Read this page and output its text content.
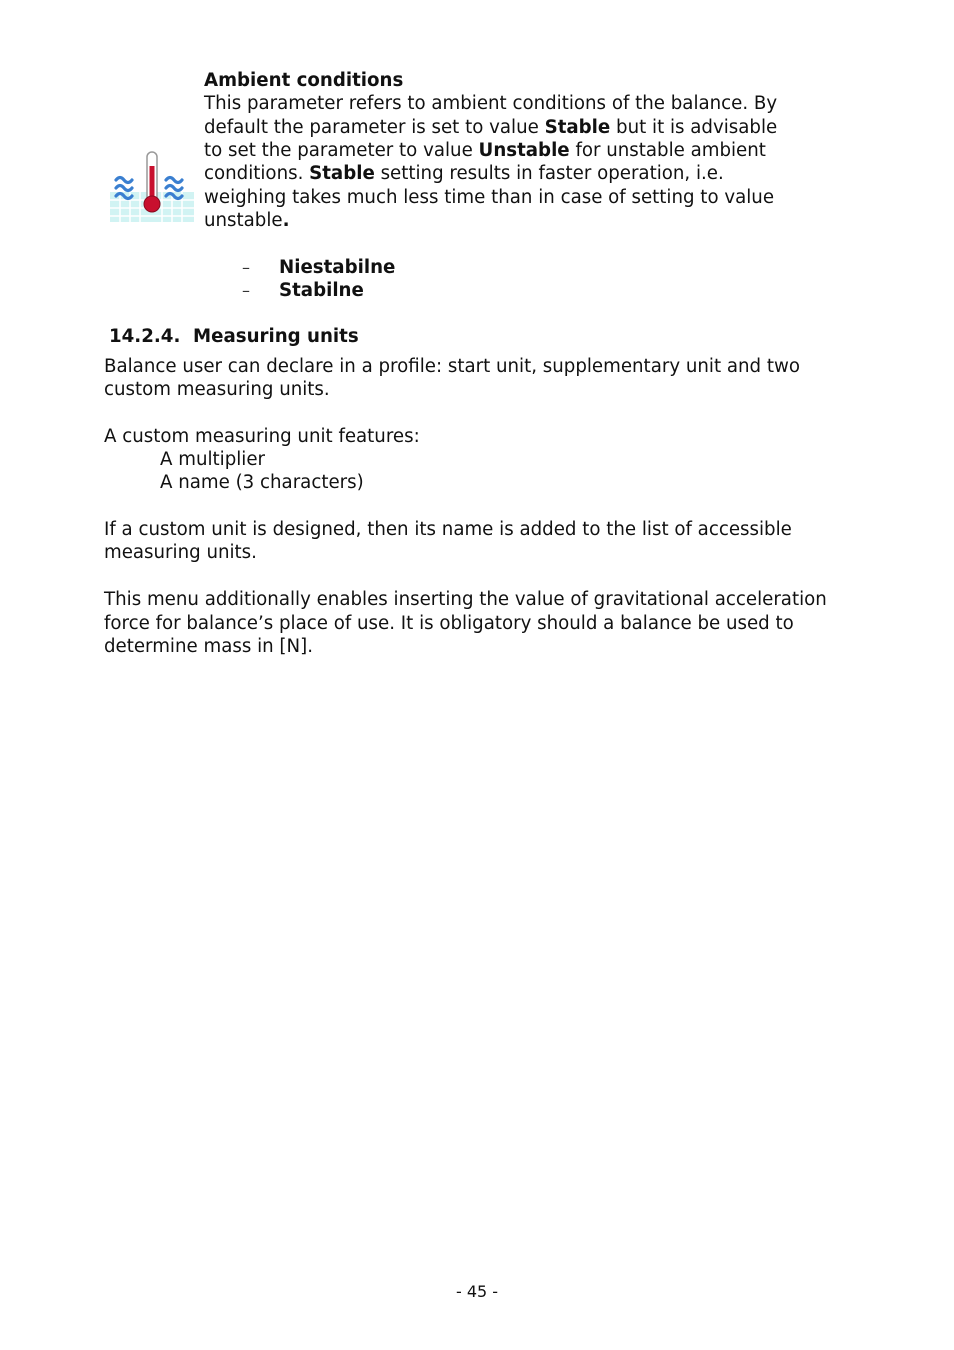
Ambient conditions
This parameter refers to ambient conditions of the balance. By
default the parameter is set to value Stable but it is advisable
to set the parameter to value Unstable for unstable ambient
conditions. Stable setting results in faster operation, i.e.
weighing takes much less time than in case of setting to value
unstable.
– Niestabilne
– Stabilne
14.2.4. Measuring units
Balance user can declare in a profile: start unit, supplementary unit and two
custom measuring units.
A custom measuring unit features:
A multiplier
A name (3 characters)
If a custom unit is designed, then its name is added to the list of accessible
measuring units.
This menu additionally enables inserting the value of gravitational acceleration
force for balance’s place of use. It is obligatory should a balance be used to
determine mass in [N].
- 45 -
